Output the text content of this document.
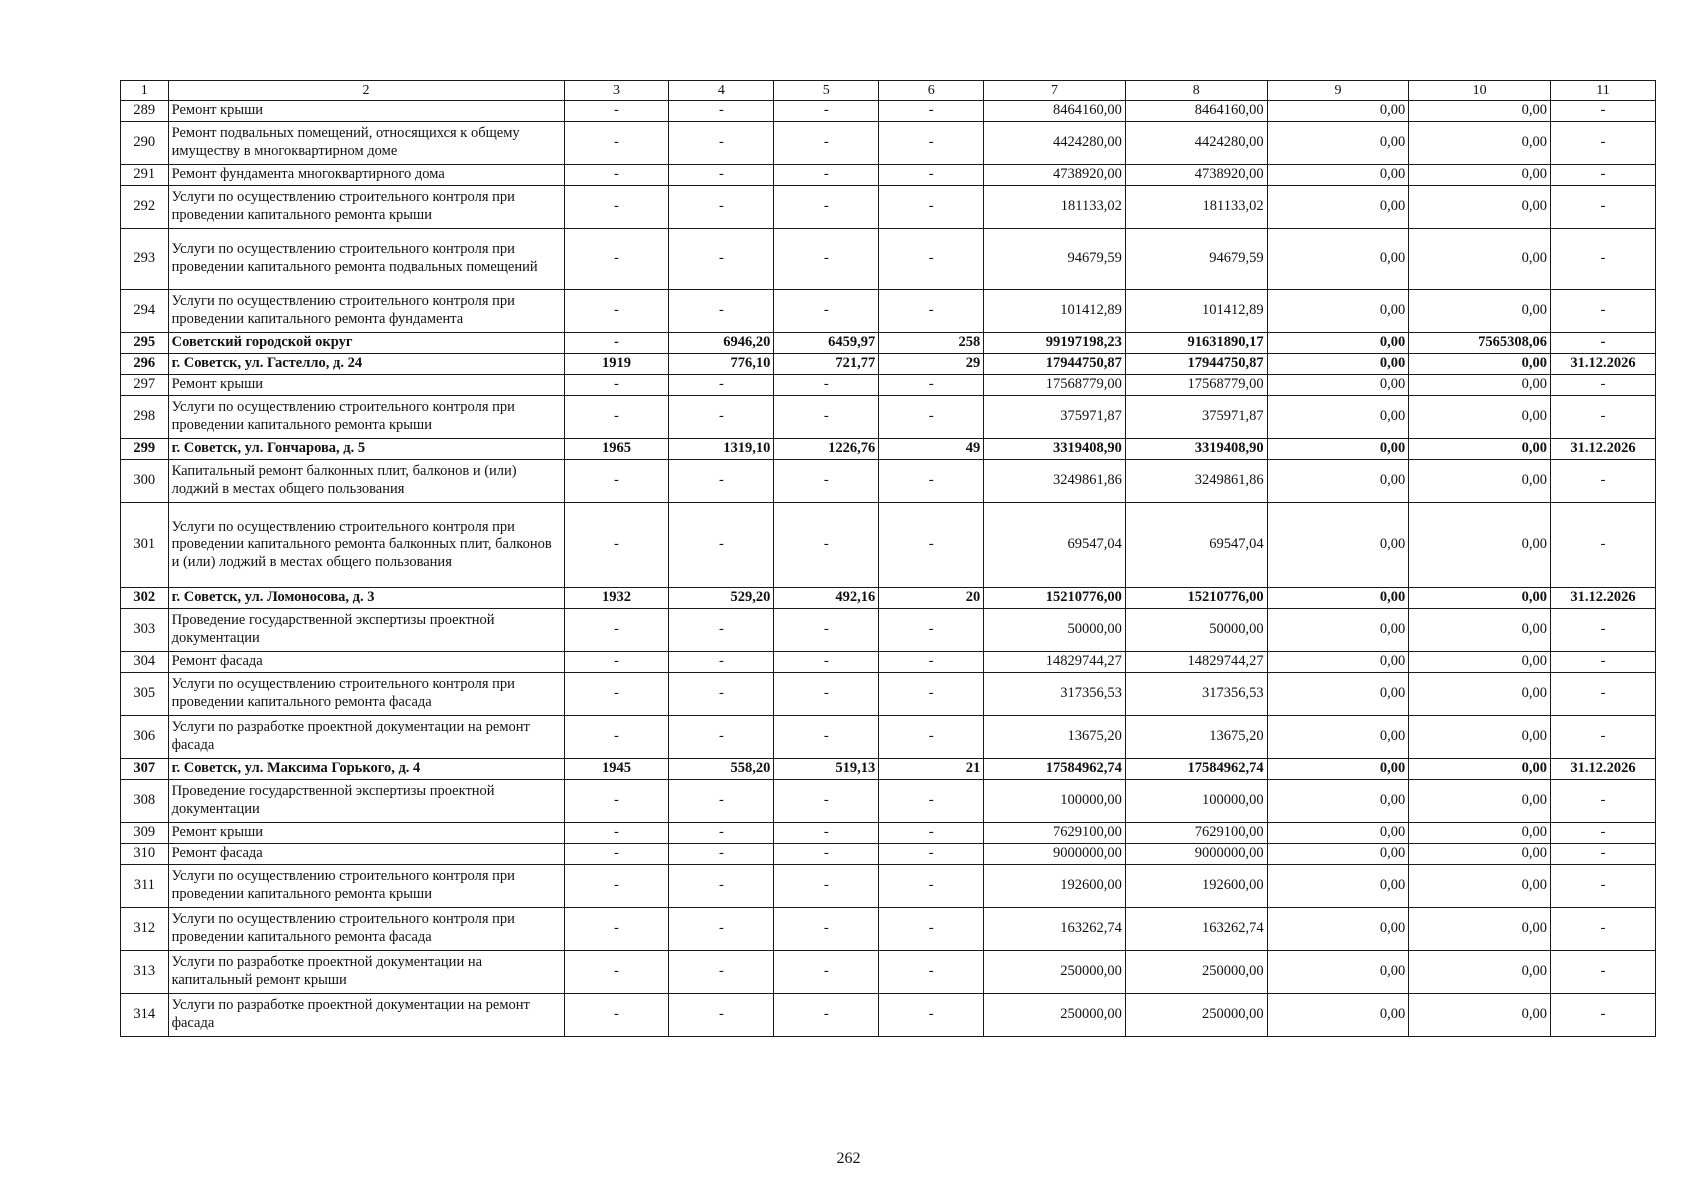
1	2	3	4	5	6	7	8	9	10	11
289	Ремонт крыши	-	-	-	-	8464160,00	8464160,00	0,00	0,00	-
290	Ремонт подвальных помещений, относящихся к общему имуществу в многоквартирном доме	-	-	-	-	4424280,00	4424280,00	0,00	0,00	-
291	Ремонт фундамента многоквартирного дома	-	-	-	-	4738920,00	4738920,00	0,00	0,00	-
292	Услуги по осуществлению строительного контроля при проведении капитального ремонта крыши	-	-	-	-	181133,02	181133,02	0,00	0,00	-
293	Услуги по осуществлению строительного контроля при проведении капитального ремонта подвальных помещений	-	-	-	-	94679,59	94679,59	0,00	0,00	-
294	Услуги по осуществлению строительного контроля при проведении капитального ремонта фундамента	-	-	-	-	101412,89	101412,89	0,00	0,00	-
295	Советский городской округ	-	6946,20	6459,97	258	99197198,23	91631890,17	0,00	7565308,06	-
296	г. Советск, ул. Гастелло, д. 24	1919	776,10	721,77	29	17944750,87	17944750,87	0,00	0,00	31.12.2026
297	Ремонт крыши	-	-	-	-	17568779,00	17568779,00	0,00	0,00	-
298	Услуги по осуществлению строительного контроля при проведении капитального ремонта крыши	-	-	-	-	375971,87	375971,87	0,00	0,00	-
299	г. Советск, ул. Гончарова, д. 5	1965	1319,10	1226,76	49	3319408,90	3319408,90	0,00	0,00	31.12.2026
300	Капитальный ремонт балконных плит, балконов и (или) лоджий в местах общего пользования	-	-	-	-	3249861,86	3249861,86	0,00	0,00	-
301	Услуги по осуществлению строительного контроля при проведении капитального ремонта балконных плит, балконов и (или) лоджий в местах общего пользования	-	-	-	-	69547,04	69547,04	0,00	0,00	-
302	г. Советск, ул. Ломоносова, д. 3	1932	529,20	492,16	20	15210776,00	15210776,00	0,00	0,00	31.12.2026
303	Проведение государственной экспертизы проектной документации	-	-	-	-	50000,00	50000,00	0,00	0,00	-
304	Ремонт фасада	-	-	-	-	14829744,27	14829744,27	0,00	0,00	-
305	Услуги по осуществлению строительного контроля при проведении капитального ремонта фасада	-	-	-	-	317356,53	317356,53	0,00	0,00	-
306	Услуги по разработке проектной документации на ремонт фасада	-	-	-	-	13675,20	13675,20	0,00	0,00	-
307	г. Советск, ул. Максима Горького, д. 4	1945	558,20	519,13	21	17584962,74	17584962,74	0,00	0,00	31.12.2026
308	Проведение государственной экспертизы проектной документации	-	-	-	-	100000,00	100000,00	0,00	0,00	-
309	Ремонт крыши	-	-	-	-	7629100,00	7629100,00	0,00	0,00	-
310	Ремонт фасада	-	-	-	-	9000000,00	9000000,00	0,00	0,00	-
311	Услуги по осуществлению строительного контроля при проведении капитального ремонта крыши	-	-	-	-	192600,00	192600,00	0,00	0,00	-
312	Услуги по осуществлению строительного контроля при проведении капитального ремонта фасада	-	-	-	-	163262,74	163262,74	0,00	0,00	-
313	Услуги по разработке проектной документации на капитальный ремонт крыши	-	-	-	-	250000,00	250000,00	0,00	0,00	-
314	Услуги по разработке проектной документации на ремонт фасада	-	-	-	-	250000,00	250000,00	0,00	0,00	-
262
